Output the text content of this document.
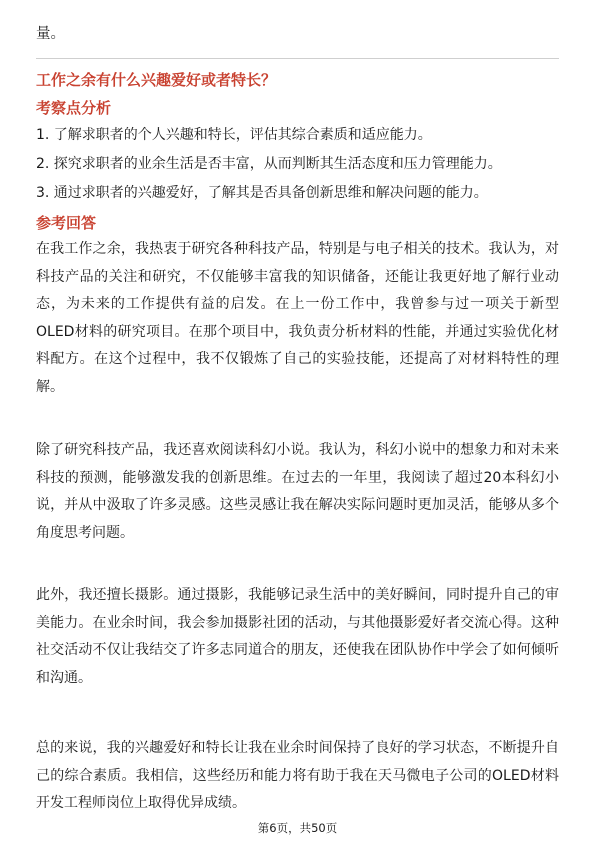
量。

工作之余有什么兴趣爱好或者特长？

考察点分析

1. 了解求职者的个人兴趣和特长，评估其综合素质和适应能力。

2. 探究求职者的业余生活是否丰富，从而判断其生活态度和压力管理能力。

3. 通过求职者的兴趣爱好，了解其是否具备创新思维和解决问题的能力。

参考回答

在我工作之余，我热衷于研究各种科技产品，特别是与电子相关的技术。我认为，对科技产品的关注和研究，不仅能够丰富我的知识储备，还能让我更好地了解行业动态，为未来的工作提供有益的启发。在上一份工作中，我曾参与过一项关于新型OLED材料的研究项目。在那个项目中，我负责分析材料的性能，并通过实验优化材料配方。在这个过程中，我不仅锻炼了自己的实验技能，还提高了对材料特性的理解。

除了研究科技产品，我还喜欢阅读科幻小说。我认为，科幻小说中的想象力和对未来科技的预测，能够激发我的创新思维。在过去的一年里，我阅读了超过20本科幻小说，并从中汲取了许多灵感。这些灵感让我在解决实际问题时更加灵活，能够从多个角度思考问题。

此外，我还擅长摄影。通过摄影，我能够记录生活中的美好瞬间，同时提升自己的审美能力。在业余时间，我会参加摄影社团的活动，与其他摄影爱好者交流心得。这种社交活动不仅让我结交了许多志同道合的朋友，还使我在团队协作中学会了如何倾听和沟通。

总的来说，我的兴趣爱好和特长让我在业余时间保持了良好的学习状态，不断提升自己的综合素质。我相信，这些经历和能力将有助于我在天马微电子公司的OLED材料开发工程师岗位上取得优异成绩。

第6页，共50页
